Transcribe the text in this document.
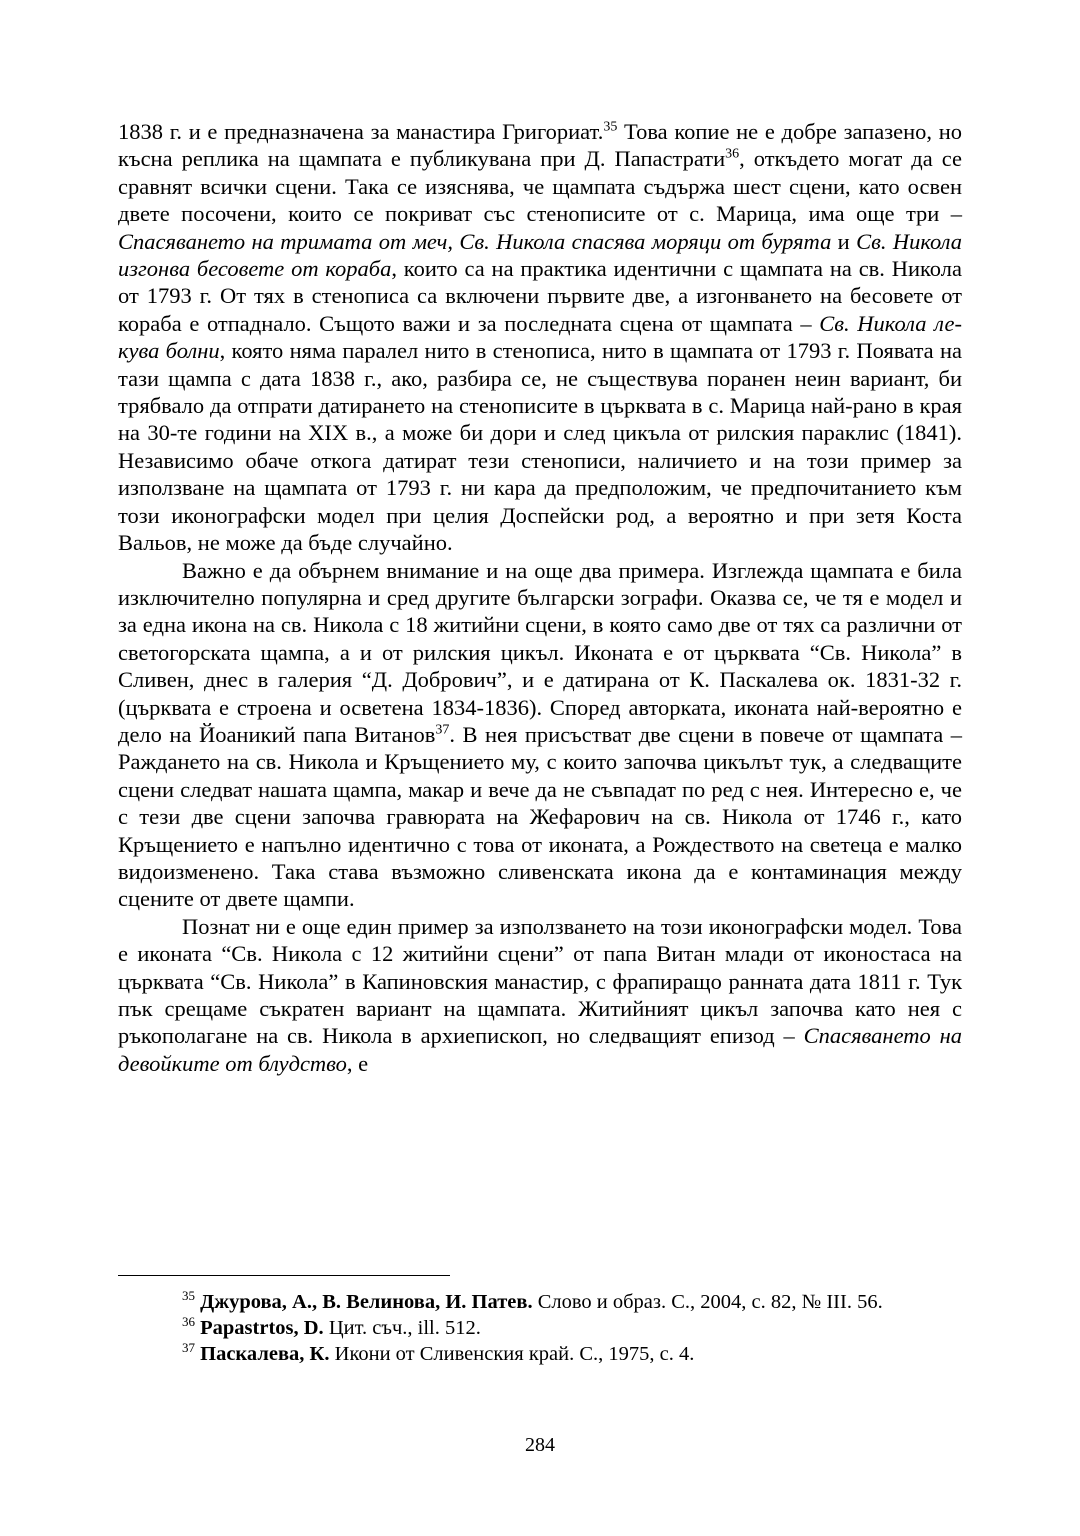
1838 г. и е предназначена за манастира Григориат.$^{35}$ Това копие не е добре запазено, но късна реплика на щампата е публикувана при Д. Папастрати$^{36}$, откъдето могат да се сравнят всички сцени. Така се изяснява, че щампата съдържа шест сцени, като освен двете посочени, които се покриват със стенописите от с. Марица, има още три – Спасяването на тримата от меч, Св. Никола спасява моряци от бурята и Св. Никола изгонва бесовете от кораба, които са на практика идентични с щампата на св. Никола от 1793 г. От тях в стенописа са включени първите две, а изгонването на бесовете от кораба е отпаднало. Същото важи и за последната сцена от щампата – Св. Никола лекува болни, която няма паралел нито в стенописа, нито в щампата от 1793 г. Появата на тази щампа с дата 1838 г., ако, разбира се, не съществува поранен неин вариант, би трябвало да отпрати датирането на стенописите в църквата в с. Марица най-рано в края на 30-те години на XIX в., а може би дори и след цикъла от рилския параклис (1841). Независимо обаче откога датират тези стенописи, наличието и на този пример за използване на щампата от 1793 г. ни кара да предположим, че предпочитанието към този иконографски модел при целия Доспейски род, а вероятно и при зетя Коста Вальов, не може да бъде случайно.

Важно е да обърнем внимание и на още два примера. Изглежда щампата е била изключително популярна и сред другите български зографи. Оказва се, че тя е модел и за една икона на св. Никола с 18 житийни сцени, в която само две от тях са различни от светогорската щампа, а и от рилския цикъл. Иконата е от църквата “Св. Никола” в Сливен, днес в галерия “Д. Добрович”, и е датирана от К. Паскалева ок. 1831-32 г. (църквата е строена и осветена 1834-1836). Според авторката, иконата най-вероятно е дело на Йоаникий папа Витанов$^{37}$. В нея присъстват две сцени в повече от щампата – Раждането на св. Никола и Кръщението му, с които започва цикълът тук, а следващите сцени следват нашата щампа, макар и вече да не съвпадат по ред с нея. Интересно е, че с тези две сцени започва гравюрата на Жефарович на св. Никола от 1746 г., като Кръщението е напълно идентично с това от иконата, а Рождеството на светеца е малко видоизменено. Така става възможно сливенската икона да е контаминация между сцените от двете щампи.

Познат ни е още един пример за използването на този иконографски модел. Това е иконата “Св. Никола с 12 житийни сцени” от папа Витан млади от иконостаса на църквата “Св. Никола” в Капиновския манастир, с фрапиращо ранната дата 1811 г. Тук пък срещаме съкратен вариант на щампата. Житийният цикъл започва като нея с ръкополагане на св. Никола в архиепископ, но следващият епизод – Спасяването на девойките от блудство, е

$^{35}$ Джурова, А., В. Велинова, И. Патев. Слово и образ. С., 2004, с. 82, № III. 56.

$^{36}$ Papastrtos, D. Цит. съч., ill. 512.

$^{37}$ Паскалева, К. Икони от Сливенския край. С., 1975, с. 4.

284
